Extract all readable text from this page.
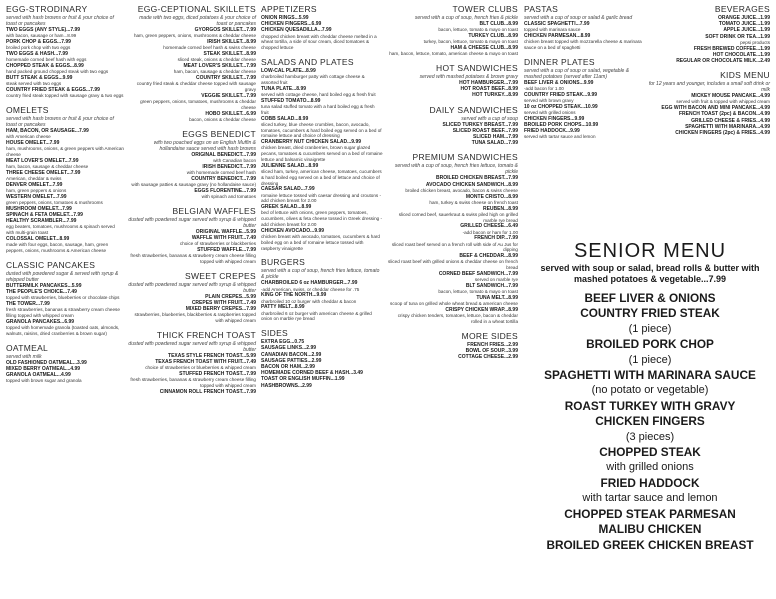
EGG-STRODINARY
served with hash browns or fruit & your choice of toast or pancakes
TWO EGGS (ANY STYLE)...7.99
with bacon, sausage or ham...8.99
PORK CHOP & EGGS...7.99
broiled pork chop with two eggs
TWO EGGS & HASH...7.99
homemade corned beef hash with eggs
CHOPPED STEAK & EGGS...8.99
hand packed ground chopped steak with two eggs
BUTT STEAK & EGGS...9.99
steak served with two eggs
COUNTRY FRIED STEAK & EGGS...7.99
country fried steak topped with sausage gravy & two eggs
OMELETS
served with hash browns or fruit & your choice of toast or pancakes
HAM, BACON, OR SAUSAGE...7.99
with American cheese
HOUSE OMELET...7.99
ham, mushrooms, onions, & green peppers with American cheese
MEAT LOVER'S OMELET...7.99
ham, bacon, sausage & cheddar cheese
THREE CHEESE OMELET...7.99
American, cheddar & swiss
DENVER OMELET...7.99
ham, green peppers & onions
WESTERN OMELET...7.99
green peppers, onions, tomatoes & mushrooms
MUSHROOM OMELET...7.99
SPINACH & FETA OMELET...7.99
HEALTHY SCRAMBLER...7.99
egg beaters, tomatoes, mushrooms & spinach served with multi-grain toast
COLOSSAL OMELET...8.99
made with four eggs, bacon, sausage, ham, green peppers, onions, mushrooms & American cheese
CLASSIC PANCAKES
dusted with powdered sugar & served with syrup & whipped butter
BUTTERMILK PANCAKES...5.99
THE PEOPLE'S CHOICE...7.49
topped with strawberries, blueberries or chocolate chips
THE TOWER...7.99
fresh strawberries, bananas & strawberry cream cheese filling topped with whipped cream
GRANOLA PANCAKES...6.99
topped with homemade granola (toasted oats, almonds, walnuts, raisins, dried cranberries & brown sugar)
OATMEAL
served with milk
OLD FASHIONED OATMEAL...3.99
MIXED BERRY OATMEAL...4.99
GRANOLA OATMEAL...4.99
topped with brown sugar and granola
EGG-CEPTIONAL SKILLETS
made with two eggs, diced potatoes & your choice of toast or pancakes
GYORGOS SKILLET...7.99
ham, green peppers, onions, mushrooms & cheddar cheese
IRISH SKILLET...8.99
homemade corned beef hash & swiss cheese
STEAK SKILLET...8.99
sliced steak, onions & cheddar cheese
MEAT LOVER'S SKILLET...7.99
ham, bacon, sausage & cheddar cheese
COUNTRY SKILLET...7.99
country fried steak & cheddar cheese topped with sausage gravy
VEGGIE SKILLET...7.99
green peppers, onions, tomatoes, mushrooms & cheddar cheese
HOBO SKILLET...6.99
bacon, onions & cheddar cheese
EGGS BENEDICT
with two poached eggs on an English Muffin & hollandaise sauce served with hash browns
ORIGINAL BENEDICT...7.99
with Canadian bacon
IRISH BENEDICT...7.99
with homemade corned beef hash
COUNTRY BENEDICT...7.99
with sausage patties & sausage gravy (no hollandaise sauce)
EGGS FLORENTINE...7.99
with spinach and tomatoes
BELGIAN WAFFLES
dusted with powdered sugar served with syrup & whipped butter
ORIGINAL WAFFLE...5.99
WAFFLE WITH FRUIT...7.49
choice of strawberries or blackberries
STUFFED WAFFLE...7.99
fresh strawberries, bananas & strawberry cream cheese filling topped with whipped cream
SWEET CREPES
dusted with powdered sugar served with syrup & whipped butter
PLAIN CREPES...5.99
CREPES WITH FRUIT...7.49
MIXED BERRY CREPES...7.99
strawberries, blueberries, blackberries & raspberries topped with whipped cream
THICK FRENCH TOAST
dusted with powdered sugar served with syrup & whipped butter
TEXAS STYLE FRENCH TOAST...5.99
TEXAS FRENCH TOAST WITH FRUIT...7.49
choice of strawberries or blueberries & whipped cream
STUFFED FRENCH TOAST...7.99
fresh strawberries, bananas & strawberry cream cheese filling topped with whipped cream
CINNAMON ROLL FRENCH TOAST...7.99
APPETIZERS
ONION RINGS...5.99
CHICKEN FINGERS...6.99
CHICKEN QUESADILLA...7.99
chopped chicken breast with cheddar cheese melted in a wheat tortilla, a side of sour cream, diced tomatoes & chopped lettuce
SALADS AND PLATES
LOW-CAL PLATE...8.99
charbroiled hamburger patty with cottage cheese & assorted fruit
TUNA PLATE...8.99
served with cottage cheese, hard boiled egg & fresh fruit
STUFFED TOMATO...8.99
tuna salad stuffed tomato with a hard boiled egg & fresh fruit
COBB SALAD...8.99
sliced turkey, blue cheese crumbles, bacon, avocado, tomatoes, cucumbers & hard boiled egg served on a bed of romaine lettuce and choice of dressing
CRANBERRY NUT CHICKEN SALAD...9.99
chicken breast, dried cranberries, brown sugar glazed pecans, tomatoes & cucumbers served on a bed of romaine lettuce and balsamic vinaigrette
JULIENNE SALAD...8.99
sliced ham, turkey, american cheese, tomatoes, cucumbers & hard boiled egg served on a bed of lettuce and choice of dressing
CAESAR SALAD...7.99
romaine lettuce tossed with caesar dressing and croutons - add chicken breast for 2.00
GREEK SALAD...8.99
bed of lettuce with onions, green peppers, tomatoes, cucumbers, olives & feta cheese tossed in Greek dressing - add chicken breast for 2.00
CHICKEN AVOCADO...9.99
chicken breast with avocado, tomatoes, cucumbers & hard boiled egg on a bed of romaine lettuce tossed with raspberry vinaigrette
BURGERS
served with a cup of soup, french fries lettuce, tomato & pickle
CHARBROILED 6 oz HAMBURGER...7.99
-add American, swiss, or cheddar cheese for .75
KING OF THE NORTH...9.99
charbroiled 10 oz burger with cheddar & bacon
PATTY MELT...8.99
charbroiled 6 oz burger with american cheese & grilled onion on marble rye bread
SIDES
EXTRA EGG...0.75
SAUSAGE LINKS...2.99
CANADIAN BACON...2.99
SAUSAGE PATTIES...2.99
BACON OR HAM...2.99
HOMEMADE CORNED BEEF & HASH...3.49
TOAST OR ENGLISH MUFFIN...1.99
HASHBROWNS...2.99
TOWER CLUBS
served with a cup of soup, french fries & pickle
BLT CLUB...8.99
bacon, lettuce, tomato & mayo on toast
TURKEY CLUB...8.99
turkey, bacon, lettuce, tomato & mayo on toast
HAM & CHEESE CLUB...8.99
ham, bacon, lettuce, tomato, american cheese & mayo on toast
HOT SANDWICHES
served with mashed potatoes & brown gravy
HOT HAMBURGER...7.99
HOT ROAST BEEF...8.99
HOT TURKEY...8.99
DAILY SANDWICHES
served with a cup of soup
SLICED TURKEY BREAST...7.99
SLICED ROAST BEEF...7.99
SLICED HAM...7.99
TUNA SALAD...7.99
PREMIUM SANDWICHES
served with a cup of soup, french fries lettuce, tomato & pickle
BROILED CHICKEN BREAST...7.99
AVOCADO CHICKEN SANDWICH...8.99
broiled chicken breast, avocado, bacon & swiss cheese
MONTE CRISTO...8.99
ham, turkey & swiss cheese on french toast
REUBEN...8.99
sliced corned beef, sauerkraut & swiss piled high on grilled marble rye bread
GRILLED CHEESE...6.49
-add bacon or ham for 1.00
FRENCH DIP...7.99
sliced roast beef served on a french roll with side of Au Jus for dipping
BEEF & CHEDDAR...8.99
sliced roast beef with grilled onions & cheddar cheese on french bread
CORNED BEEF SANDWICH...7.99
served on marble rye
BLT SANDWICH...7.99
bacon, lettuce, tomato & mayo on toast
TUNA MELT...8.99
scoop of tuna on grilled whole wheat bread & american cheese
CRISPY CHICKEN WRAP...8.99
crispy chicken tenders, tomatoes, lettuce, bacon & cheddar rolled in a wheat tortilla
MORE SIDES
FRENCH FRIES...2.99
BOWL OF SOUP...3.99
COTTAGE CHEESE...2.99
PASTAS
served with a cup of soup or salad & garlic bread
CLASSIC SPAGHETTI...7.99
topped with marinara sauce
CHICKEN PARMESAN...8.99
chicken breast topped with mozzarella cheese & marinara sauce on a bed of spaghetti
DINNER PLATES
served with a cup of soup or salad, vegetable & mashed potatoes (served after 11am)
BEEF LIVER & ONIONS...9.99
-add bacon for 1.00
COUNTRY FRIED STEAK...9.99
served with brown gravy
10 oz CHOPPED STEAK...10.99
served with grilled onions
CHICKEN FINGERS...9.99
BROILED PORK CHOPS...10.99
FRIED HADDOCK...9.99
served with tartar sauce and lemon
BEVERAGES
ORANGE JUICE...1.99
TOMATO JUICE...1.99
APPLE JUICE...1.99
SOFT DRINK OR TEA...1.99
pepsi products
FRESH BREWED COFFEE...1.99
HOT CHOCOLATE...1.99
REGULAR OR CHOCOLATE MILK...2.49
KIDS MENU
for 12 years and younger, includes a small soft drink or milk
MICKEY MOUSE PANCAKE...4.99
served with fruit & topped with whipped cream
EGG WITH BACON AND MINI PANCAKE...4.99
FRENCH TOAST (2pc) & BACON...4.99
GRILLED CHEESE & FRIES...4.99
SPAGHETTI WITH MARINARA...4.99
CHICKEN FINGERS (2pc) & FRIES...4.99
SENIOR MENU
served with soup or salad, bread rolls & butter with mashed potatoes & vegetable...7.99
BEEF LIVER & ONIONS
COUNTRY FRIED STEAK
(1 piece)
BROILED PORK CHOP
(1 piece)
SPAGHETTI WITH MARINARA SAUCE
(no potato or vegetable)
ROAST TURKEY WITH GRAVY
CHICKEN FINGERS
(3 pieces)
CHOPPED STEAK
with grilled onions
FRIED HADDOCK
with tartar sauce and lemon
CHOPPED STEAK PARMESAN
MALIBU CHICKEN
BROILED GREEK CHICKEN BREAST
